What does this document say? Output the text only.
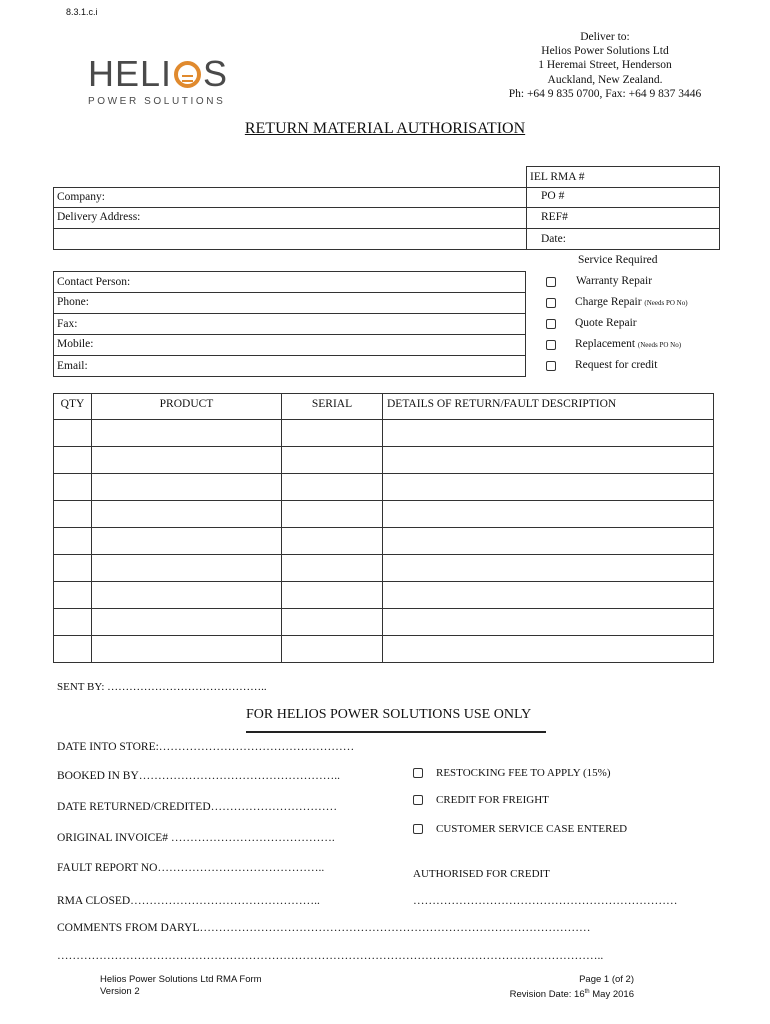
8.3.1.c.i
HELI S
POWER SOLUTIONS
Deliver to:
Helios Power Solutions Ltd
1 Heremai Street, Henderson
Auckland, New Zealand.
Ph: +64 9 835 0700, Fax: +64 9 837 3446
RETURN MATERIAL AUTHORISATION
IEL RMA #
PO #
REF#
Date:
Company:
Delivery Address:
Service Required
Contact Person:
Phone:
Fax:
Mobile:
Email:
Warranty Repair
Charge Repair (Needs PO No)
Quote Repair
Replacement (Needs PO No)
Request for credit
QTY	PRODUCT	SERIAL	DETAILS OF RETURN/FAULT DESCRIPTION

SENT BY: ……………………………………..
FOR HELIOS POWER SOLUTIONS USE ONLY
DATE INTO STORE:……………………………………………
BOOKED IN BY……………………………………………..
DATE RETURNED/CREDITED……………………………
ORIGINAL INVOICE# …………………………………….
FAULT REPORT NO……………………………………..
RMA CLOSED…………………………………………..
RESTOCKING FEE TO APPLY (15%)
CREDIT FOR FREIGHT
CUSTOMER SERVICE CASE ENTERED
AUTHORISED FOR CREDIT
……………………………………………………………
COMMENTS FROM DARYL…………………………………………………………………………………………
……………………………………………………………………………………………………………………………..
Helios Power Solutions Ltd RMA Form
Version 2
Page 1 (of 2)
Revision Date: 16th May 2016
